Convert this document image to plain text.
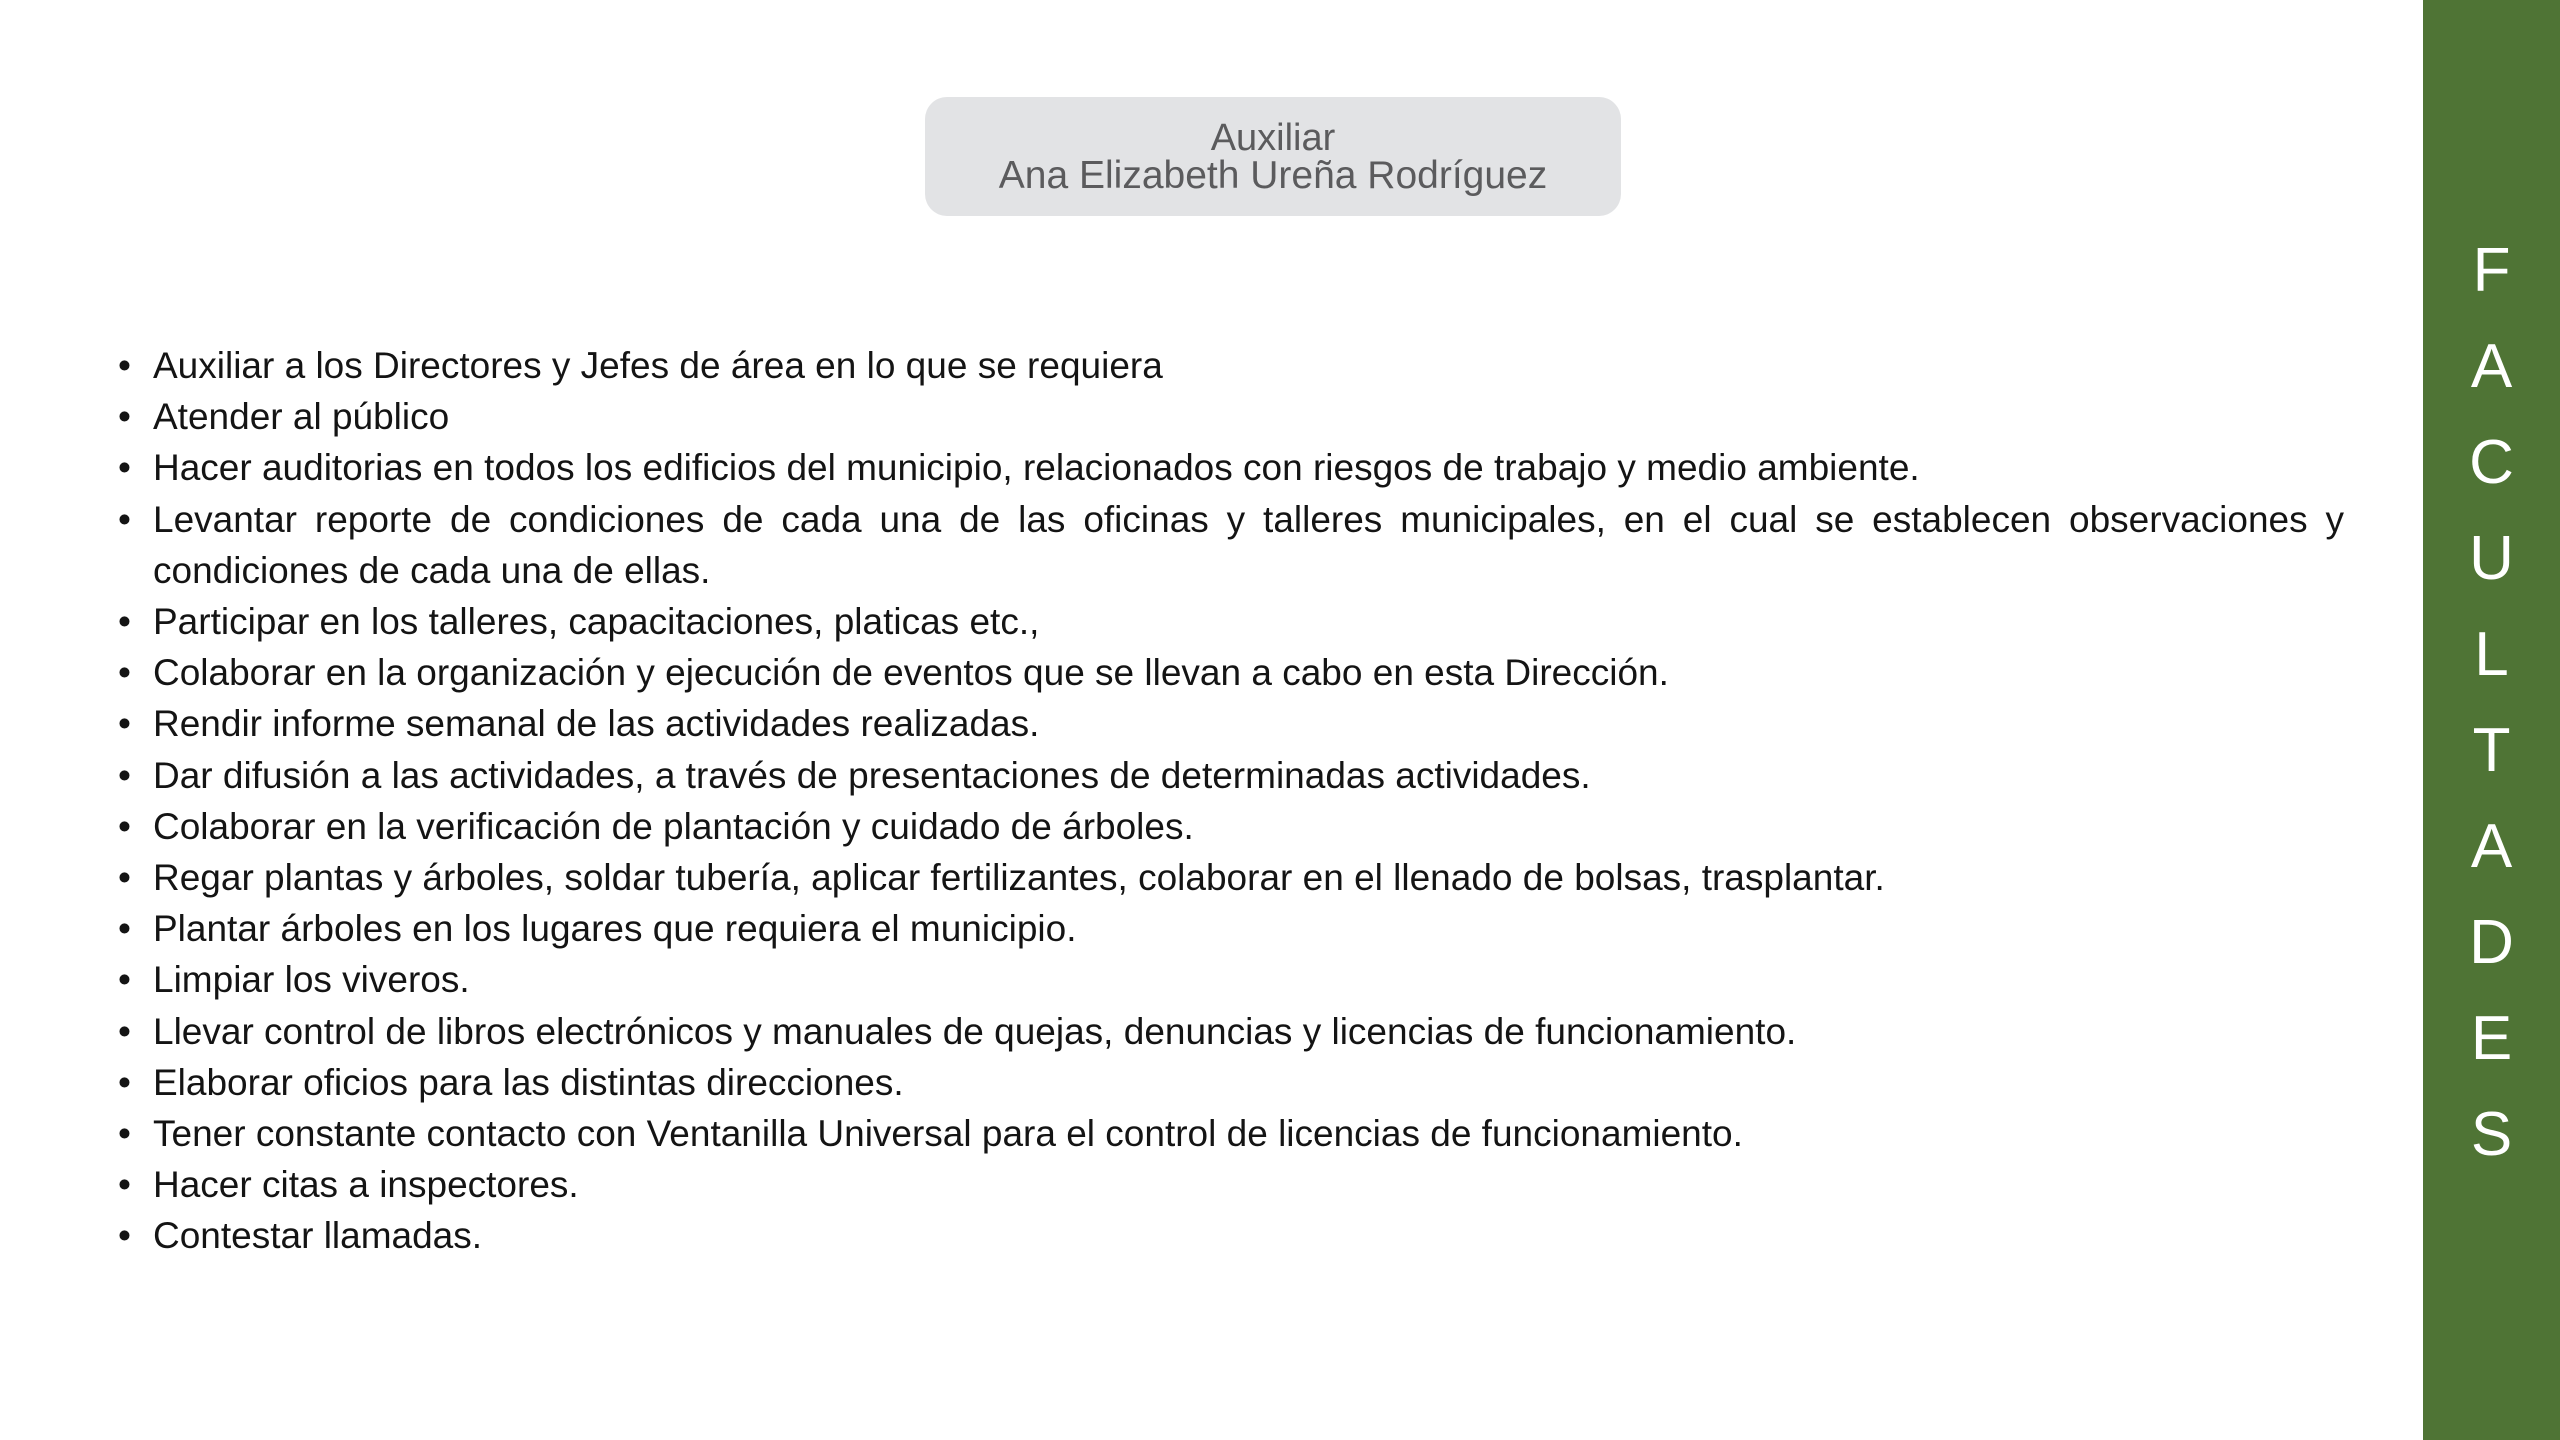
Auxiliar
Ana Elizabeth Ureña Rodríguez
• Auxiliar a los Directores y Jefes de área en lo que se requiera
• Atender al público
• Hacer auditorias en todos los edificios del municipio, relacionados con riesgos de trabajo y medio ambiente.
• Levantar reporte de condiciones de cada una de las oficinas y talleres municipales, en el cual se establecen observaciones y condiciones de cada una de ellas.
• Participar en los talleres, capacitaciones, platicas etc.,
• Colaborar en la organización y ejecución de eventos que se llevan a cabo en esta Dirección.
• Rendir informe semanal de las actividades realizadas.
• Dar difusión a las actividades, a través de presentaciones de determinadas actividades.
• Colaborar en la verificación de plantación y cuidado de árboles.
• Regar plantas y árboles, soldar tubería, aplicar fertilizantes, colaborar en el llenado de bolsas, trasplantar.
• Plantar árboles en los lugares que requiera el municipio.
• Limpiar los viveros.
• Llevar control de libros electrónicos y manuales de quejas, denuncias y licencias de funcionamiento.
• Elaborar oficios para las distintas direcciones.
• Tener constante contacto con Ventanilla Universal para el control de licencias de funcionamiento.
• Hacer citas a inspectores.
• Contestar llamadas.
F
A
C
U
L
T
A
D
E
S
